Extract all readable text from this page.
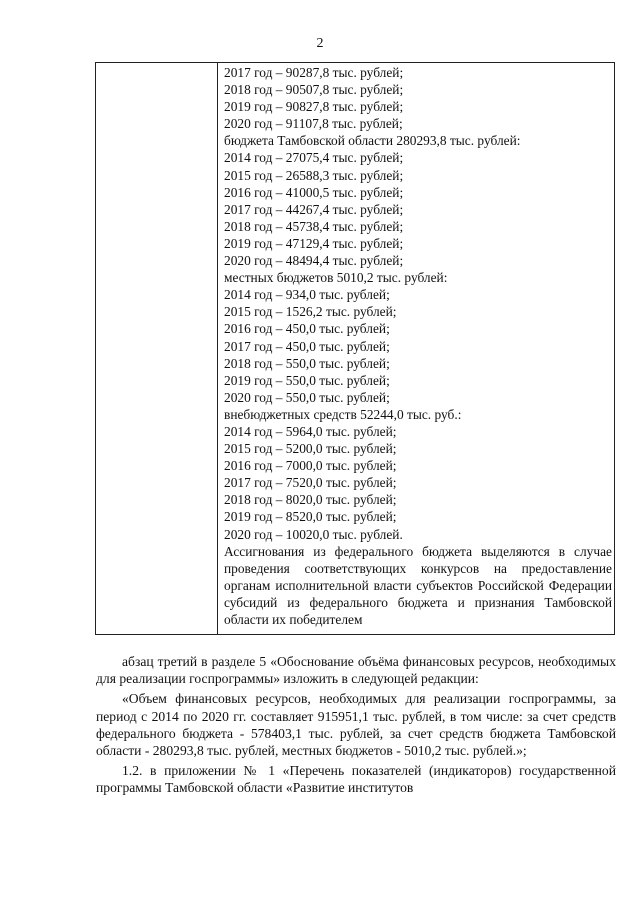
2
2017 год – 90287,8 тыс. рублей;
2018 год – 90507,8 тыс. рублей;
2019 год – 90827,8 тыс. рублей;
2020 год – 91107,8 тыс. рублей;
бюджета Тамбовской области 280293,8 тыс. рублей:
2014 год – 27075,4 тыс. рублей;
2015 год – 26588,3 тыс. рублей;
2016 год – 41000,5 тыс. рублей;
2017 год – 44267,4 тыс. рублей;
2018 год – 45738,4 тыс. рублей;
2019 год – 47129,4 тыс. рублей;
2020 год – 48494,4 тыс. рублей;
местных бюджетов 5010,2 тыс. рублей:
2014 год – 934,0 тыс. рублей;
2015 год – 1526,2 тыс. рублей;
2016 год – 450,0 тыс. рублей;
2017 год – 450,0 тыс. рублей;
2018 год – 550,0 тыс. рублей;
2019 год – 550,0 тыс. рублей;
2020 год – 550,0 тыс. рублей;
внебюджетных средств 52244,0 тыс. руб.:
2014 год – 5964,0 тыс. рублей;
2015 год – 5200,0 тыс. рублей;
2016 год – 7000,0 тыс. рублей;
2017 год – 7520,0 тыс. рублей;
2018 год – 8020,0 тыс. рублей;
2019 год – 8520,0 тыс. рублей;
2020 год – 10020,0 тыс. рублей.
Ассигнования из федерального бюджета выделяются в случае проведения соответствующих конкурсов на предоставление органам исполнительной власти субъектов Российской Федерации субсидий из федерального бюджета и признания Тамбовской области их победителем

абзац третий в разделе 5 «Обоснование объёма финансовых ресурсов, необходимых для реализации госпрограммы» изложить в следующей редакции:

«Объем финансовых ресурсов, необходимых для реализации госпрограммы, за период с 2014 по 2020 гг. составляет 915951,1 тыс. рублей, в том числе: за счет средств федерального бюджета - 578403,1 тыс. рублей, за счет средств бюджета Тамбовской области - 280293,8 тыс. рублей, местных бюджетов - 5010,2 тыс. рублей.»;

1.2. в приложении № 1 «Перечень показателей (индикаторов) государственной программы Тамбовской области «Развитие институтов
